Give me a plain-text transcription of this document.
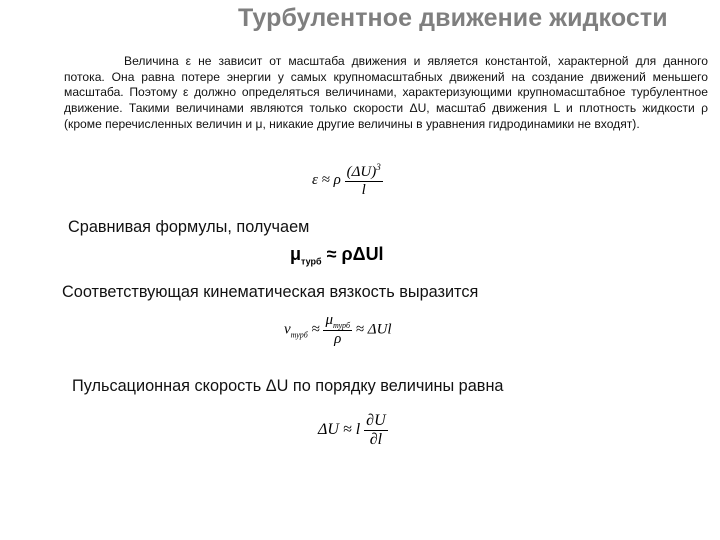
Турбулентное движение жидкости
Величина ε не зависит от масштаба движения и является константой, характерной для данного потока. Она равна потере энергии у самых крупномасштабных движений на создание движений меньшего масштаба. Поэтому ε должно определяться величинами, характеризующими крупномасштабное турбулентное движение. Такими величинами являются только скорости ΔU, масштаб движения L и плотность жидкости ρ (кроме перечисленных величин и μ, никакие другие величины в уравнения гидродинамики не входят).
ε ≈ ρ $\frac{(\Delta U)^3}{l}$
Сравнивая формулы, получаем
$\mu_{турб} \approx \rho\Delta Ul$
Соответствующая кинематическая вязкость выразится
$\nu_{турб} \approx \frac{\mu_{турб}}{\rho} \approx \Delta Ul$
Пульсационная скорость ΔU по порядку величины равна
ΔU ≈ l $\frac{\partial U}{\partial l}$
